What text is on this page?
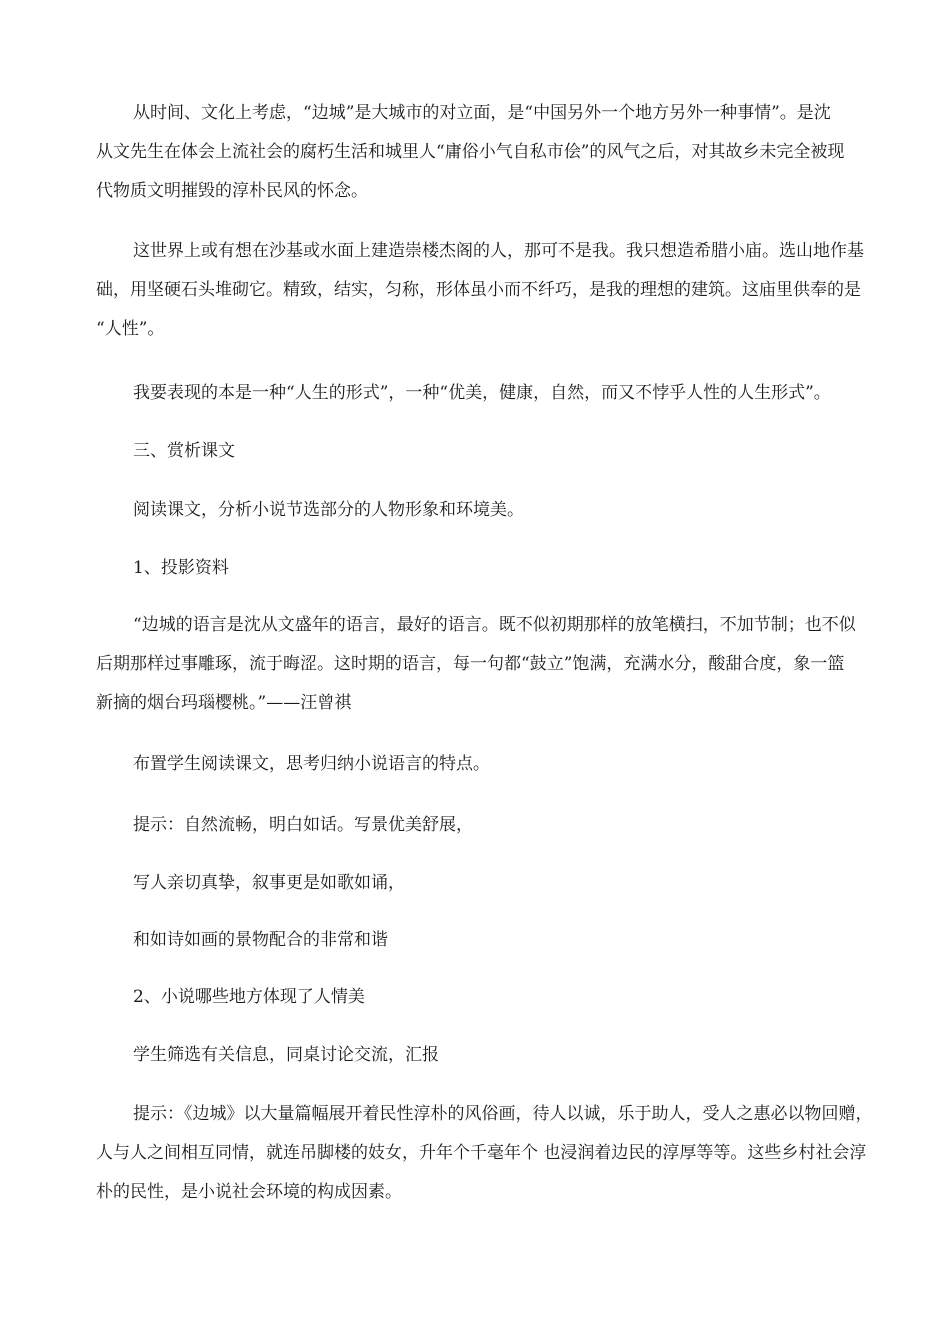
从时间、文化上考虑，“边城”是大城市的对立面，是“中国另外一个地方另外一种事情”。是沈
从文先生在体会上流社会的腐朽生活和城里人“庸俗小气自私市侩”的风气之后，对其故乡未完全被现
代物质文明摧毁的淳朴民风的怀念。
这世界上或有想在沙基或水面上建造崇楼杰阁的人，那可不是我。我只想造希腊小庙。选山地作基
础，用坚硬石头堆砌它。精致，结实，匀称，形体虽小而不纤巧，是我的理想的建筑。这庙里供奉的是
“人性”。
我要表现的本是一种“人生的形式”，一种“优美，健康，自然，而又不悖乎人性的人生形式”。
三、赏析课文
阅读课文，分析小说节选部分的人物形象和环境美。
1、投影资料
“边城的语言是沈从文盛年的语言，最好的语言。既不似初期那样的放笔横扫，不加节制；也不似
后期那样过事雕琢，流于晦涩。这时期的语言，每一句都“鼓立”饱满，充满水分，酸甜合度，象一篮
新摘的烟台玛瑙樱桃。”——汪曾祺
布置学生阅读课文，思考归纳小说语言的特点。
提示：自然流畅，明白如话。写景优美舒展，
写人亲切真挚，叙事更是如歌如诵，
和如诗如画的景物配合的非常和谐
2、小说哪些地方体现了人情美
学生筛选有关信息，同桌讨论交流，汇报
提示：《边城》以大量篇幅展开着民性淳朴的风俗画，待人以诚，乐于助人，受人之惠必以物回赠，
人与人之间相互同情，就连吊脚楼的妓女，升年个千毫年个 也浸润着边民的淳厚等等。这些乡村社会淳
朴的民性，是小说社会环境的构成因素。
